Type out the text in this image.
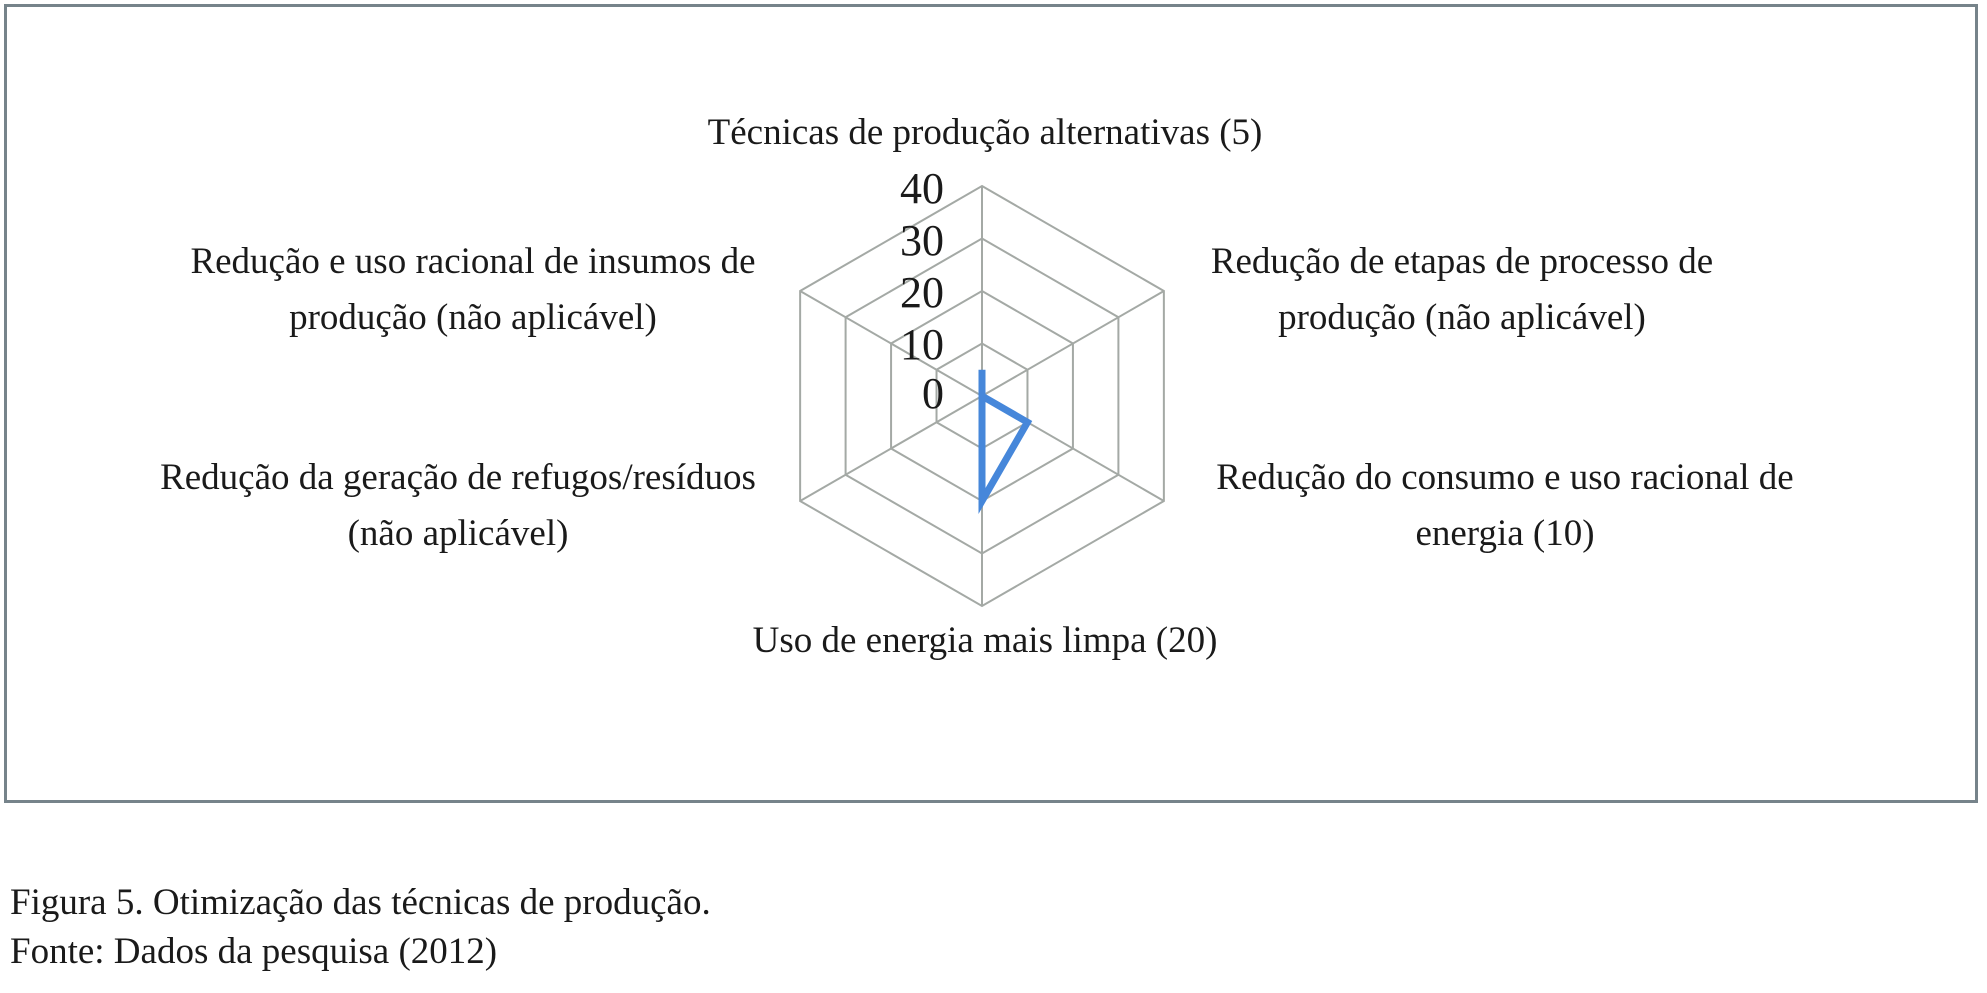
40
30
20
10
0
Técnicas de produção alternativas (5)
Redução de etapas de processo de
produção (não aplicável)
Redução do consumo e uso racional de
energia (10)
Uso de energia mais limpa (20)
Redução da geração de refugos/resíduos
(não aplicável)
Redução e uso racional de insumos de
produção (não aplicável)
Figura 5. Otimização das técnicas de produção.
Fonte: Dados da pesquisa (2012)
